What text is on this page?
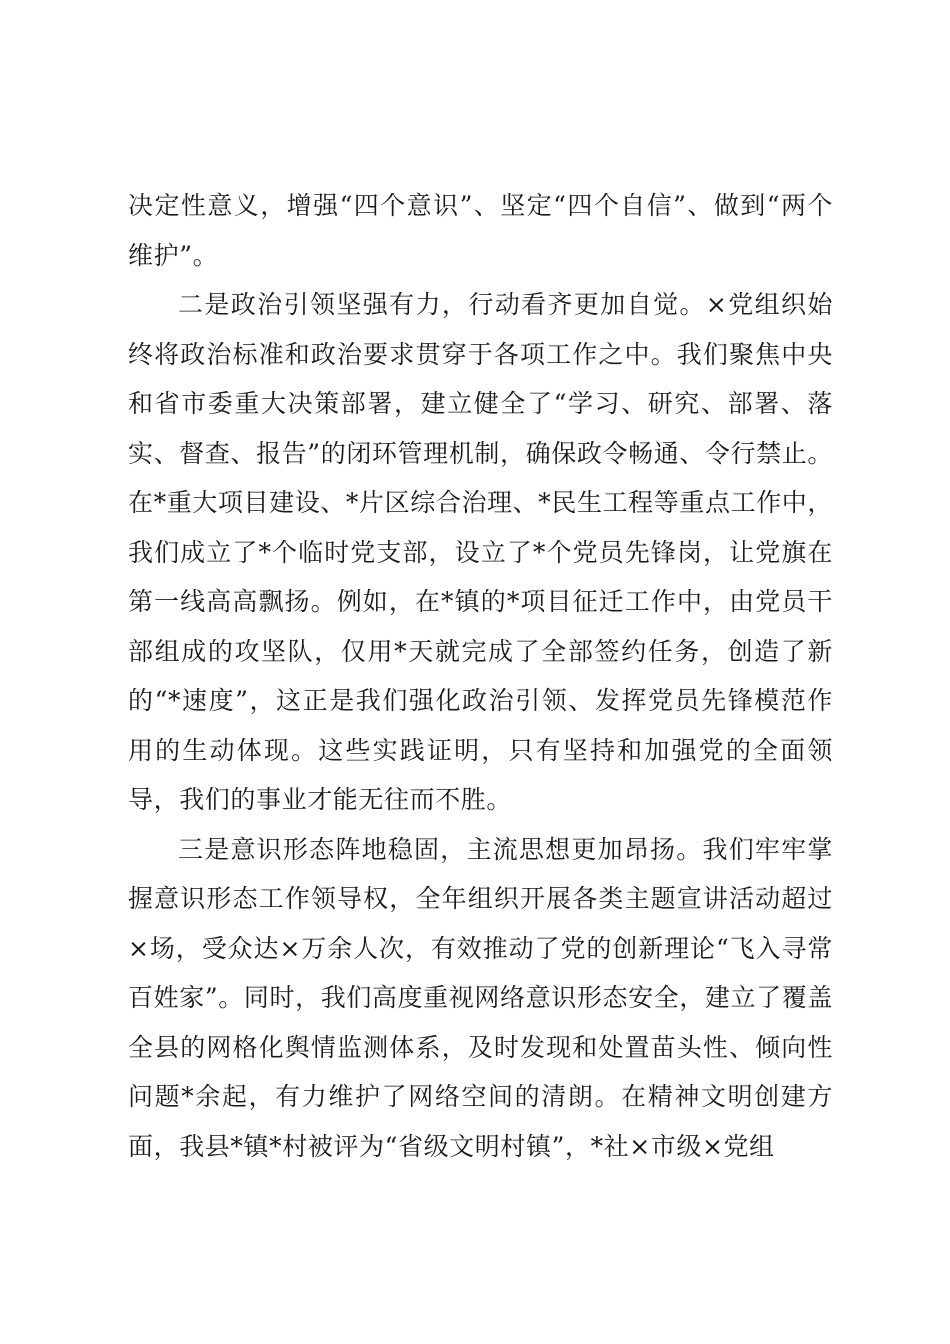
决定性意义，增强“四个意识”、坚定“四个自信”、做到“两个维护”。

二是政治引领坚强有力，行动看齐更加自觉。×党组织始终将政治标准和政治要求贯穿于各项工作之中。我们聚焦中央和省市委重大决策部署，建立健全了“学习、研究、部署、落实、督查、报告”的闭环管理机制，确保政令畅通、令行禁止。在*重大项目建设、*片区综合治理、*民生工程等重点工作中，我们成立了*个临时党支部，设立了*个党员先锋岗，让党旗在第一线高高飘扬。例如，在*镇的*项目征迁工作中，由党员干部组成的攻坚队，仅用*天就完成了全部签约任务，创造了新的“*速度”，这正是我们强化政治引领、发挥党员先锋模范作用的生动体现。这些实践证明，只有坚持和加强党的全面领导，我们的事业才能无往而不胜。

三是意识形态阵地稳固，主流思想更加昂扬。我们牢牢掌握意识形态工作领导权，全年组织开展各类主题宣讲活动超过×场，受众达×万余人次，有效推动了党的创新理论“飞入寻常百姓家”。同时，我们高度重视网络意识形态安全，建立了覆盖全县的网格化舆情监测体系，及时发现和处置苗头性、倾向性问题*余起，有力维护了网络空间的清朗。在精神文明创建方面，我县*镇*村被评为“省级文明村镇”，*社×市级×党组
